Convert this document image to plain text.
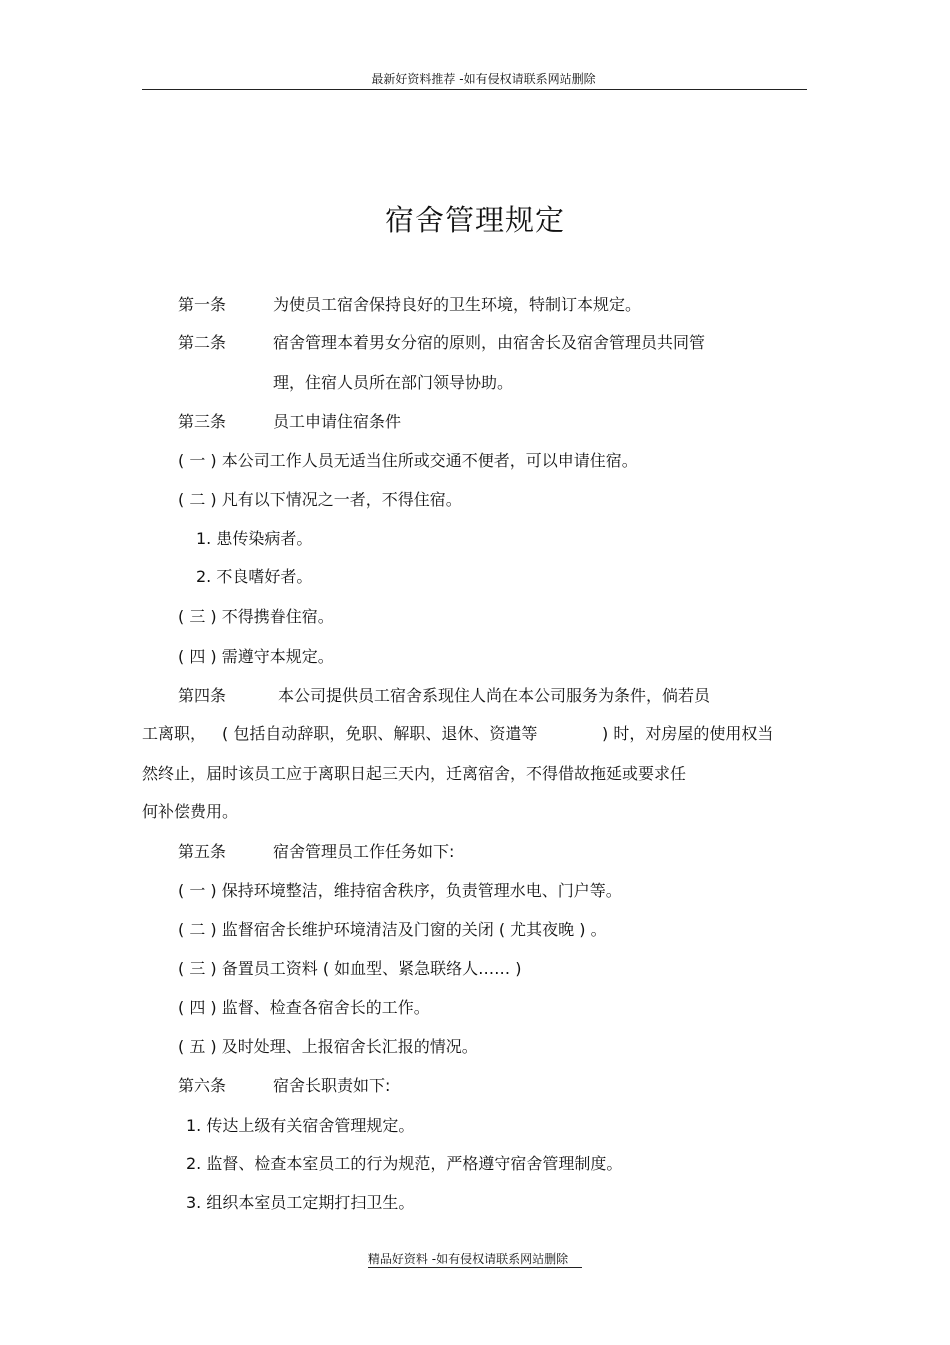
最新好资料推荐 -如有侵权请联系网站删除
宿舍管理规定
第一条	为使员工宿舍保持良好的卫生环境，特制订本规定。
第二条	宿舍管理本着男女分宿的原则，由宿舍长及宿舍管理员共同管
理，住宿人员所在部门领导协助。
第三条	员工申请住宿条件
( 一 ) 本公司工作人员无适当住所或交通不便者，可以申请住宿。
( 二 ) 凡有以下情况之一者，不得住宿。
1. 患传染病者。
2. 不良嗜好者。
( 三 ) 不得携眷住宿。
( 四 ) 需遵守本规定。
第四条	本公司提供员工宿舍系现住人尚在本公司服务为条件，倘若员
工离职， ( 包括自动辞职，免职、解职、退休、资遣等	) 时，对房屋的使用权当
然终止，届时该员工应于离职日起三天内，迁离宿舍，不得借故拖延或要求任
何补偿费用。
第五条	宿舍管理员工作任务如下:
( 一 ) 保持环境整洁，维持宿舍秩序，负责管理水电、门户等。
( 二 ) 监督宿舍长维护环境清洁及门窗的关闭 ( 尤其夜晚 ) 。
( 三 ) 备置员工资料 ( 如血型、紧急联络人…… )
( 四 ) 监督、检查各宿舍长的工作。
( 五 ) 及时处理、上报宿舍长汇报的情况。
第六条	宿舍长职责如下:
1. 传达上级有关宿舍管理规定。
2. 监督、检查本室员工的行为规范，严格遵守宿舍管理制度。
3. 组织本室员工定期打扫卫生。
精品好资料 -如有侵权请联系网站删除
